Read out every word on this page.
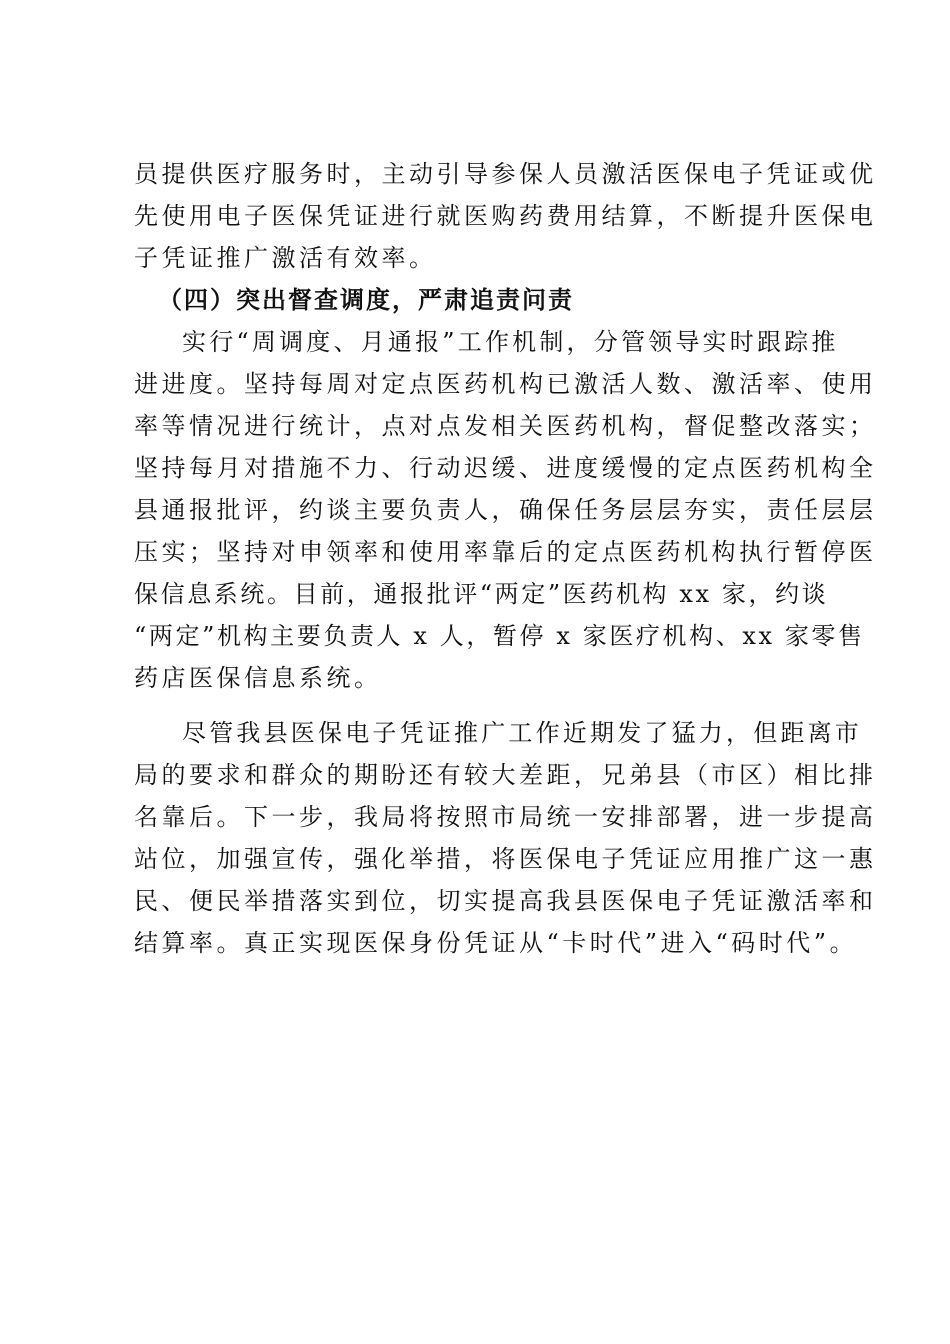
员提供医疗服务时，主动引导参保人员激活医保电子凭证或优
先使用电子医保凭证进行就医购药费用结算，不断提升医保电
子凭证推广激活有效率。
（四）突出督查调度，严肃追责问责
实行“周调度、月通报”工作机制，分管领导实时跟踪推
进进度。坚持每周对定点医药机构已激活人数、激活率、使用
率等情况进行统计，点对点发相关医药机构，督促整改落实；
坚持每月对措施不力、行动迟缓、进度缓慢的定点医药机构全
县通报批评，约谈主要负责人，确保任务层层夯实，责任层层
压实；坚持对申领率和使用率靠后的定点医药机构执行暂停医
保信息系统。目前，通报批评“两定”医药机构 xx 家，约谈
“两定”机构主要负责人 x 人，暂停 x 家医疗机构、xx 家零售
药店医保信息系统。
尽管我县医保电子凭证推广工作近期发了猛力，但距离市
局的要求和群众的期盼还有较大差距，兄弟县（市区）相比排
名靠后。下一步，我局将按照市局统一安排部署，进一步提高
站位，加强宣传，强化举措，将医保电子凭证应用推广这一惠
民、便民举措落实到位，切实提高我县医保电子凭证激活率和
结算率。真正实现医保身份凭证从“卡时代”进入“码时代”。
